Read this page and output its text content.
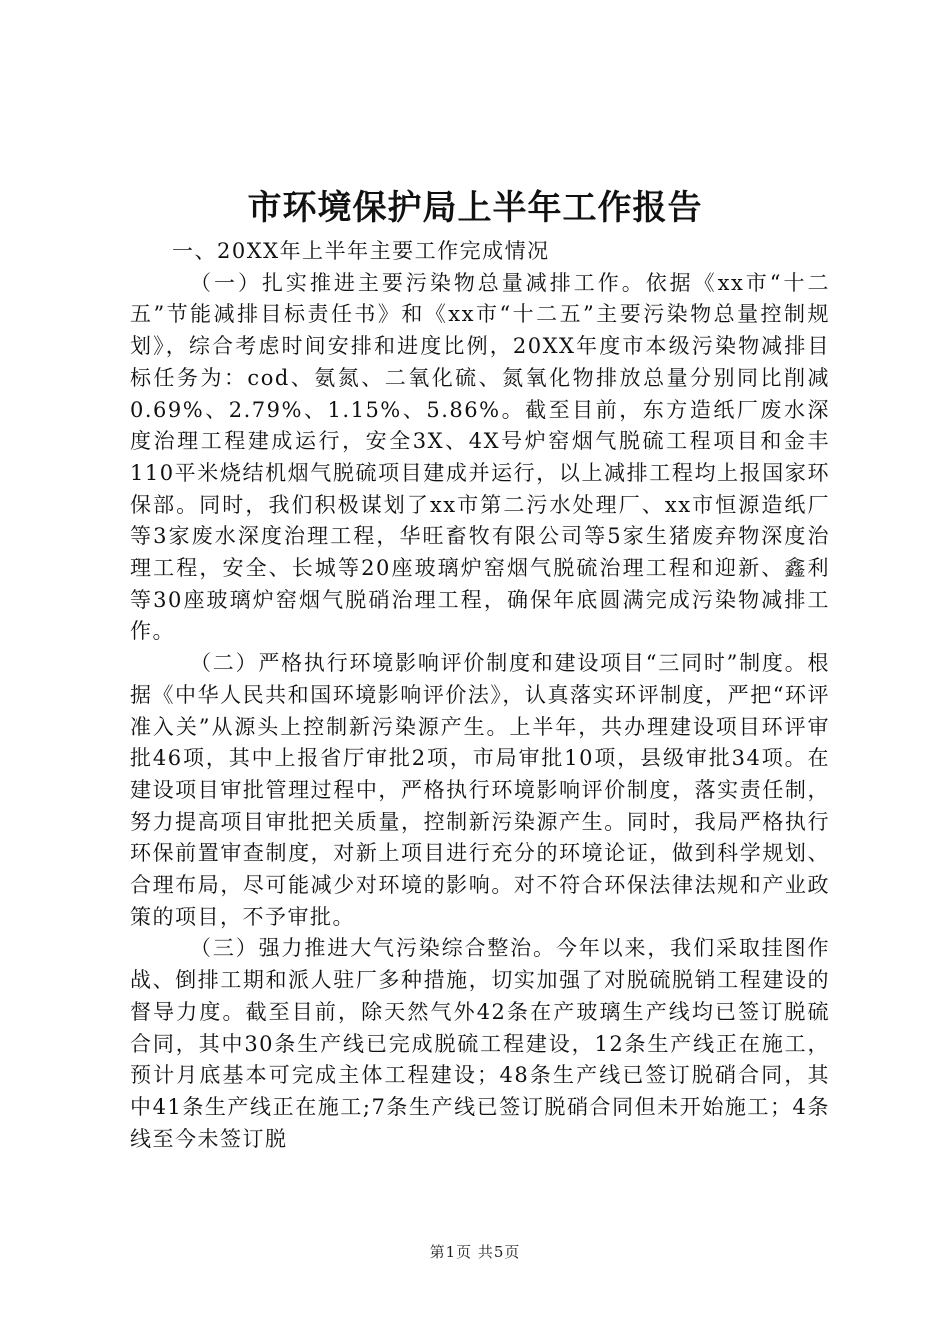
市环境保护局上半年工作报告

一、20XX年上半年主要工作完成情况

（一）扎实推进主要污染物总量减排工作。依据《xx市“十二五”节能减排目标责任书》和《xx市“十二五”主要污染物总量控制规划》，综合考虑时间安排和进度比例，20XX年度市本级污染物减排目标任务为：cod、氨氮、二氧化硫、氮氧化物排放总量分别同比削减0.69%、2.79%、1.15%、5.86%。截至目前，东方造纸厂废水深度治理工程建成运行，安全3X、4X号炉窑烟气脱硫工程项目和金丰110平米烧结机烟气脱硫项目建成并运行，以上减排工程均上报国家环保部。同时，我们积极谋划了xx市第二污水处理厂、xx市恒源造纸厂等3家废水深度治理工程，华旺畜牧有限公司等5家生猪废弃物深度治理工程，安全、长城等20座玻璃炉窑烟气脱硫治理工程和迎新、鑫利等30座玻璃炉窑烟气脱硝治理工程，确保年底圆满完成污染物减排工作。

（二）严格执行环境影响评价制度和建设项目“三同时”制度。根据《中华人民共和国环境影响评价法》，认真落实环评制度，严把“环评准入关”从源头上控制新污染源产生。上半年，共办理建设项目环评审批46项，其中上报省厅审批2项，市局审批10项，县级审批34项。在建设项目审批管理过程中，严格执行环境影响评价制度，落实责任制，努力提高项目审批把关质量，控制新污染源产生。同时，我局严格执行环保前置审查制度，对新上项目进行充分的环境论证，做到科学规划、合理布局，尽可能减少对环境的影响。对不符合环保法律法规和产业政策的项目，不予审批。

（三）强力推进大气污染综合整治。今年以来，我们采取挂图作战、倒排工期和派人驻厂多种措施，切实加强了对脱硫脱销工程建设的督导力度。截至目前，除天然气外42条在产玻璃生产线均已签订脱硫合同，其中30条生产线已完成脱硫工程建设，12条生产线正在施工，预计月底基本可完成主体工程建设；48条生产线已签订脱硝合同，其中41条生产线正在施工;7条生产线已签订脱硝合同但未开始施工；4条线至今未签订脱

第1页 共5页
